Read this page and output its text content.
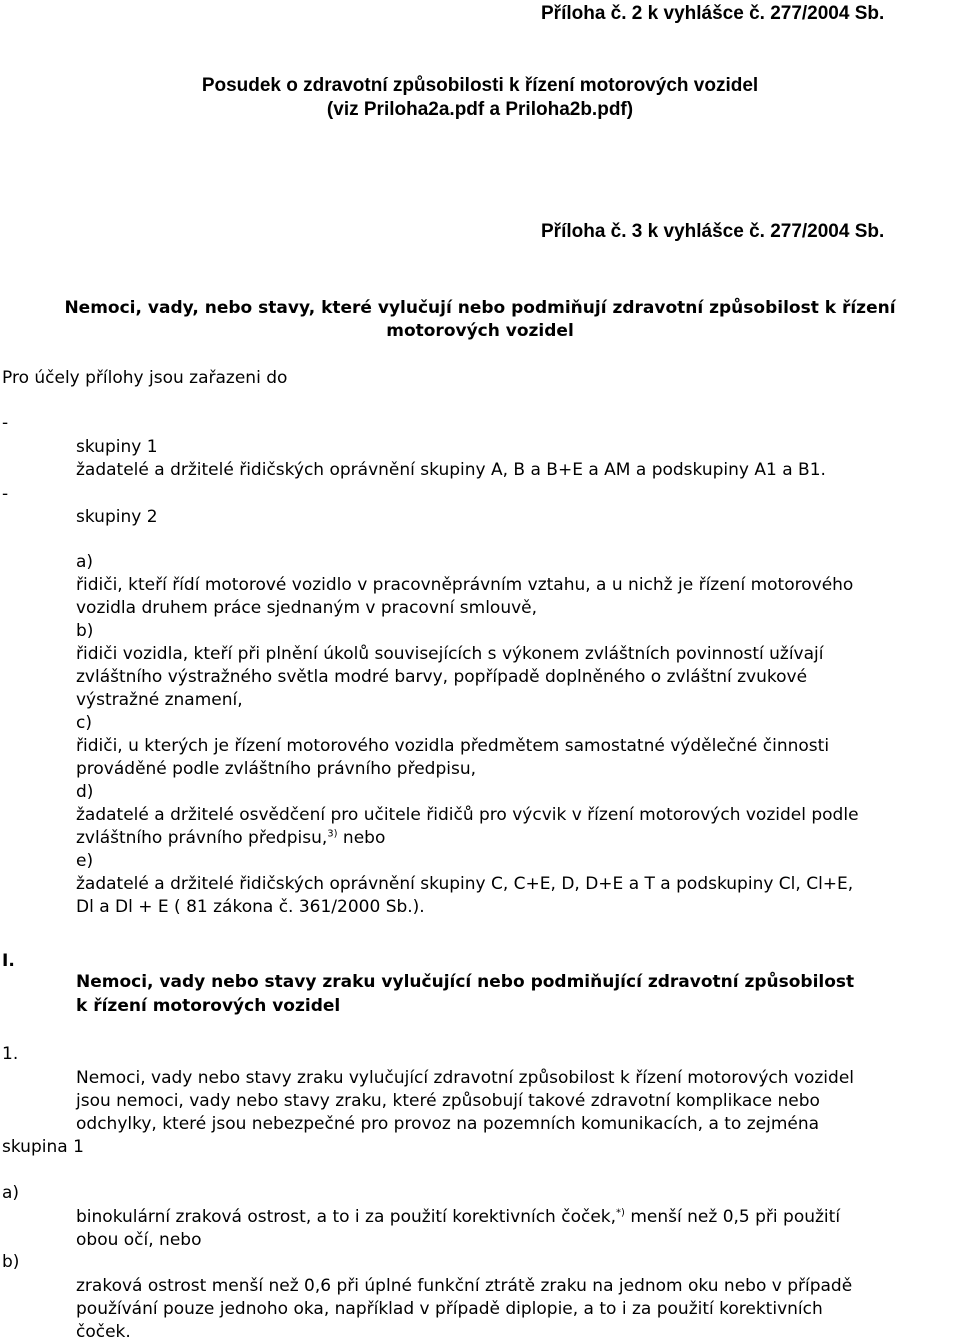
Příloha č. 2 k vyhlášce č. 277/2004 Sb.
Posudek o zdravotní způsobilosti k řízení motorových vozidel
(viz Priloha2a.pdf a Priloha2b.pdf)
Příloha č. 3 k vyhlášce č. 277/2004 Sb.
Nemoci, vady, nebo stavy, které vylučují nebo podmiňují zdravotní způsobilost k řízení
motorových vozidel
Pro účely přílohy jsou zařazeni do
-
skupiny 1
žadatelé a držitelé řidičských oprávnění skupiny A, B a B+E a AM a podskupiny A1 a B1.
-
skupiny 2
a)
řidiči, kteří řídí motorové vozidlo v pracovněprávním vztahu, a u nichž je řízení motorového
vozidla druhem práce sjednaným v pracovní smlouvě,
b)
řidiči vozidla, kteří při plnění úkolů souvisejících s výkonem zvláštních povinností užívají
zvláštního výstražného světla modré barvy, popřípadě doplněného o zvláštní zvukové
výstražné znamení,
c)
řidiči, u kterých je řízení motorového vozidla předmětem samostatné výdělečné činnosti
prováděné podle zvláštního právního předpisu,
d)
žadatelé a držitelé osvědčení pro učitele řidičů pro výcvik v řízení motorových vozidel podle
zvláštního právního předpisu,$^{3)}$ nebo
e)
žadatelé a držitelé řidičských oprávnění skupiny C, C+E, D, D+E a T a podskupiny Cl, Cl+E,
Dl a Dl + E ( 81 zákona č. 361/2000 Sb.).
I.
Nemoci, vady nebo stavy zraku vylučující nebo podmiňující zdravotní způsobilost
k řízení motorových vozidel
1.
Nemoci, vady nebo stavy zraku vylučující zdravotní způsobilost k řízení motorových vozidel
jsou nemoci, vady nebo stavy zraku, které způsobují takové zdravotní komplikace nebo
odchylky, které jsou nebezpečné pro provoz na pozemních komunikacích, a to zejména
skupina 1
a)
binokulární zraková ostrost, a to i za použití korektivních čoček,*) menší než 0,5 při použití
obou očí, nebo
b)
zraková ostrost menší než 0,6 při úplné funkční ztrátě zraku na jednom oku nebo v případě
používání pouze jednoho oka, například v případě diplopie, a to i za použití korektivních
čoček.
